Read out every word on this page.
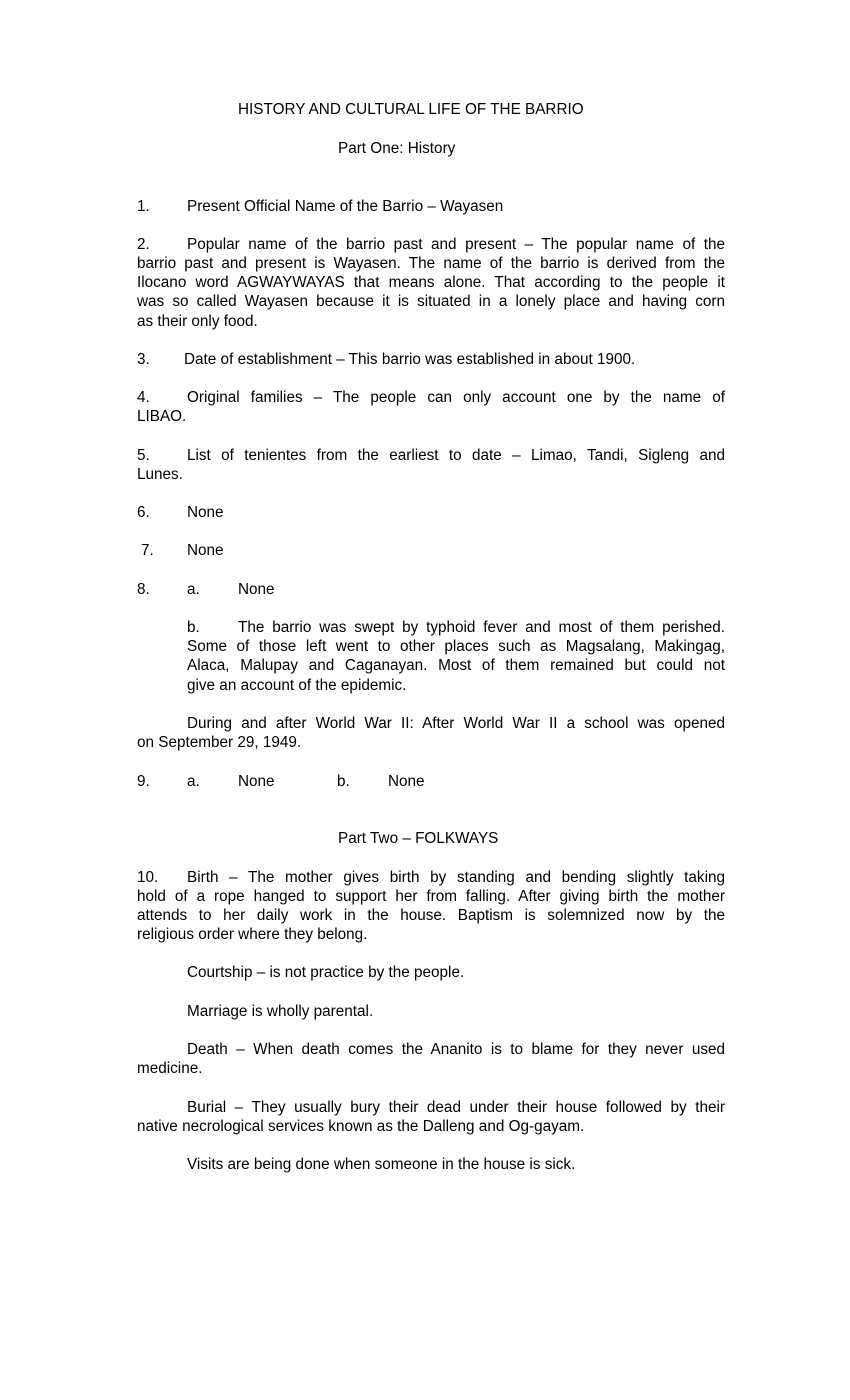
HISTORY AND CULTURAL LIFE OF THE BARRIO
Part One: History
1. Present Official Name of the Barrio – Wayasen
2. Popular name of the barrio past and present – The popular name of the
barrio past and present is Wayasen. The name of the barrio is derived from the
Ilocano word AGWAYWAYAS that means alone. That according to the people it
was so called Wayasen because it is situated in a lonely place and having corn
as their only food.
3. Date of establishment – This barrio was established in about 1900.
4. Original families – The people can only account one by the name of
LIBAO.
5. List of tenientes from the earliest to date – Limao, Tandi, Sigleng and
Lunes.
6. None
7. None
8. a. None
b. The barrio was swept by typhoid fever and most of them perished.
Some of those left went to other places such as Magsalang, Makingag,
Alaca, Malupay and Caganayan. Most of them remained but could not
give an account of the epidemic.
During and after World War II: After World War II a school was opened
on September 29, 1949.
9. a. None	b. None
Part Two – FOLKWAYS
10. Birth – The mother gives birth by standing and bending slightly taking
hold of a rope hanged to support her from falling. After giving birth the mother
attends to her daily work in the house. Baptism is solemnized now by the
religious order where they belong.
Courtship – is not practice by the people.
Marriage is wholly parental.
Death – When death comes the Ananito is to blame for they never used
medicine.
Burial – They usually bury their dead under their house followed by their
native necrological services known as the Dalleng and Og-gayam.
Visits are being done when someone in the house is sick.
